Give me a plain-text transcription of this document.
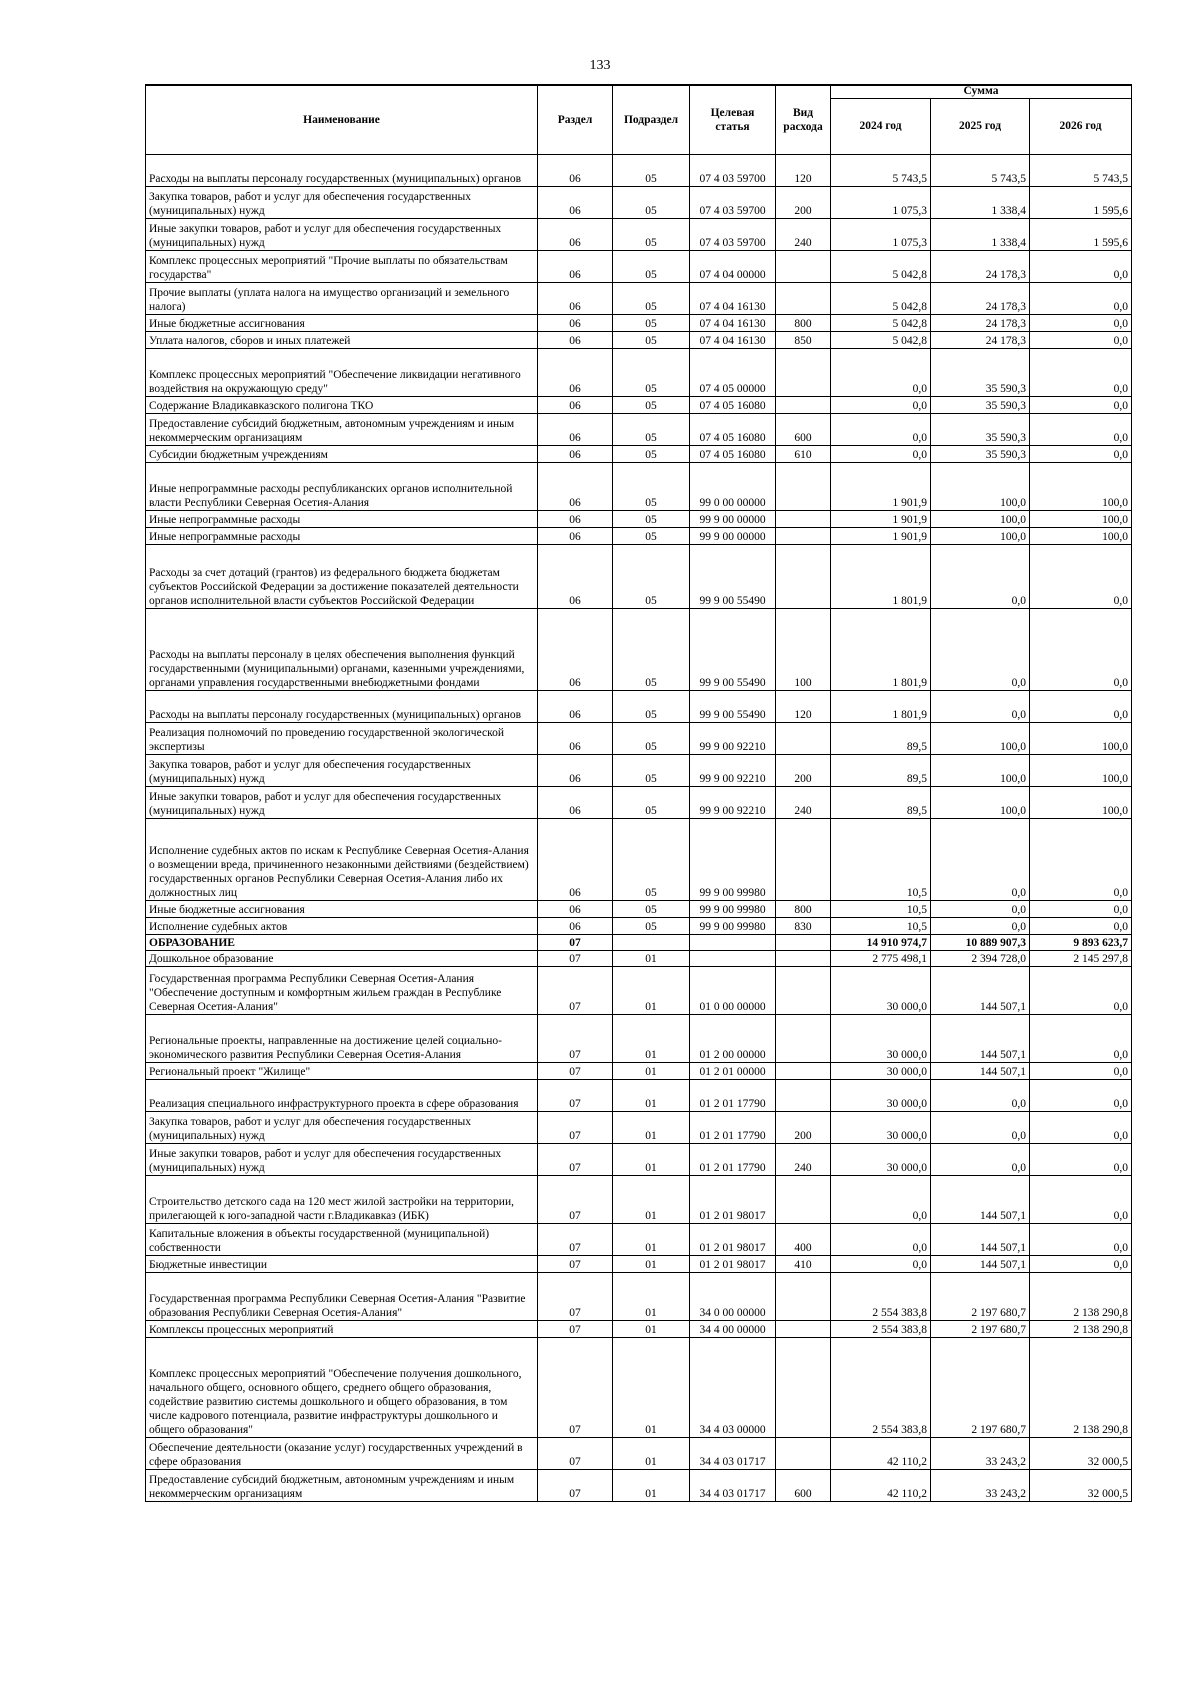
133
Наименование	Раздел	Подраздел	Целевая статья	Вид расхода	Сумма		
					2024 год	2025 год	2026 год
Расходы на выплаты персоналу государственных (муниципальных) органов	06	05	07 4 03 59700	120	5 743,5	5 743,5	5 743,5
Закупка товаров, работ и услуг для обеспечения государственных (муниципальных) нужд	06	05	07 4 03 59700	200	1 075,3	1 338,4	1 595,6
Иные закупки товаров, работ и услуг для обеспечения государственных (муниципальных) нужд	06	05	07 4 03 59700	240	1 075,3	1 338,4	1 595,6
Комплекс процессных мероприятий "Прочие выплаты по обязательствам государства"	06	05	07 4 04 00000		5 042,8	24 178,3	0,0
Прочие выплаты (уплата налога на имущество организаций и земельного налога)	06	05	07 4 04 16130		5 042,8	24 178,3	0,0
Иные бюджетные ассигнования	06	05	07 4 04 16130	800	5 042,8	24 178,3	0,0
Уплата налогов, сборов и иных платежей	06	05	07 4 04 16130	850	5 042,8	24 178,3	0,0
Комплекс процессных мероприятий "Обеспечение ликвидации негативного воздействия на окружающую среду"	06	05	07 4 05 00000		0,0	35 590,3	0,0
Содержание Владикавказского полигона ТКО	06	05	07 4 05 16080		0,0	35 590,3	0,0
Предоставление субсидий бюджетным, автономным учреждениям и иным некоммерческим организациям	06	05	07 4 05 16080	600	0,0	35 590,3	0,0
Субсидии бюджетным учреждениям	06	05	07 4 05 16080	610	0,0	35 590,3	0,0
Иные непрограммные расходы республиканских органов исполнительной власти Республики Северная Осетия-Алания	06	05	99 0 00 00000		1 901,9	100,0	100,0
Иные непрограммные расходы	06	05	99 9 00 00000		1 901,9	100,0	100,0
Иные непрограммные расходы	06	05	99 9 00 00000		1 901,9	100,0	100,0
Расходы за счет дотаций (грантов) из федерального бюджета бюджетам субъектов Российской Федерации за достижение показателей деятельности органов исполнительной власти субъектов Российской Федерации	06	05	99 9 00 55490		1 801,9	0,0	0,0
Расходы на выплаты персоналу в целях обеспечения выполнения функций государственными (муниципальными) органами, казенными учреждениями, органами управления государственными внебюджетными фондами	06	05	99 9 00 55490	100	1 801,9	0,0	0,0
Расходы на выплаты персоналу государственных (муниципальных) органов	06	05	99 9 00 55490	120	1 801,9	0,0	0,0
Реализация полномочий по проведению государственной экологической экспертизы	06	05	99 9 00 92210		89,5	100,0	100,0
Закупка товаров, работ и услуг для обеспечения государственных (муниципальных) нужд	06	05	99 9 00 92210	200	89,5	100,0	100,0
Иные закупки товаров, работ и услуг для обеспечения государственных (муниципальных) нужд	06	05	99 9 00 92210	240	89,5	100,0	100,0
Исполнение судебных актов по искам к Республике Северная Осетия-Алания о возмещении вреда, причиненного незаконными действиями (бездействием) государственных органов Республики Северная Осетия-Алания либо их должностных лиц	06	05	99 9 00 99980		10,5	0,0	0,0
Иные бюджетные ассигнования	06	05	99 9 00 99980	800	10,5	0,0	0,0
Исполнение судебных актов	06	05	99 9 00 99980	830	10,5	0,0	0,0
ОБРАЗОВАНИЕ	07				14 910 974,7	10 889 907,3	9 893 623,7
Дошкольное образование	07	01			2 775 498,1	2 394 728,0	2 145 297,8
Государственная программа Республики Северная Осетия-Алания "Обеспечение доступным и комфортным жильем граждан в Республике Северная Осетия-Алания"	07	01	01 0 00 00000		30 000,0	144 507,1	0,0
Региональные проекты, направленные на достижение целей социально-экономического развития Республики Северная Осетия-Алания	07	01	01 2 00 00000		30 000,0	144 507,1	0,0
Региональный проект "Жилище"	07	01	01 2 01 00000		30 000,0	144 507,1	0,0
Реализация специального инфраструктурного проекта в сфере образования	07	01	01 2 01 17790		30 000,0	0,0	0,0
Закупка товаров, работ и услуг для обеспечения государственных (муниципальных) нужд	07	01	01 2 01 17790	200	30 000,0	0,0	0,0
Иные закупки товаров, работ и услуг для обеспечения государственных (муниципальных) нужд	07	01	01 2 01 17790	240	30 000,0	0,0	0,0
Строительство детского сада на 120 мест жилой застройки на территории, прилегающей к юго-западной части г.Владикавказ (ИБК)	07	01	01 2 01 98017		0,0	144 507,1	0,0
Капитальные вложения в объекты государственной (муниципальной) собственности	07	01	01 2 01 98017	400	0,0	144 507,1	0,0
Бюджетные инвестиции	07	01	01 2 01 98017	410	0,0	144 507,1	0,0
Государственная программа Республики Северная Осетия-Алания "Развитие образования Республики Северная Осетия-Алания"	07	01	34 0 00 00000		2 554 383,8	2 197 680,7	2 138 290,8
Комплексы процессных мероприятий	07	01	34 4 00 00000		2 554 383,8	2 197 680,7	2 138 290,8
Комплекс процессных мероприятий "Обеспечение получения дошкольного, начального общего, основного общего, среднего общего образования, содействие развитию системы дошкольного и общего образования, в том числе кадрового потенциала, развитие инфраструктуры дошкольного и общего образования"	07	01	34 4 03 00000		2 554 383,8	2 197 680,7	2 138 290,8
Обеспечение деятельности (оказание услуг) государственных учреждений в сфере образования	07	01	34 4 03 01717		42 110,2	33 243,2	32 000,5
Предоставление субсидий бюджетным, автономным учреждениям и иным некоммерческим организациям	07	01	34 4 03 01717	600	42 110,2	33 243,2	32 000,5
